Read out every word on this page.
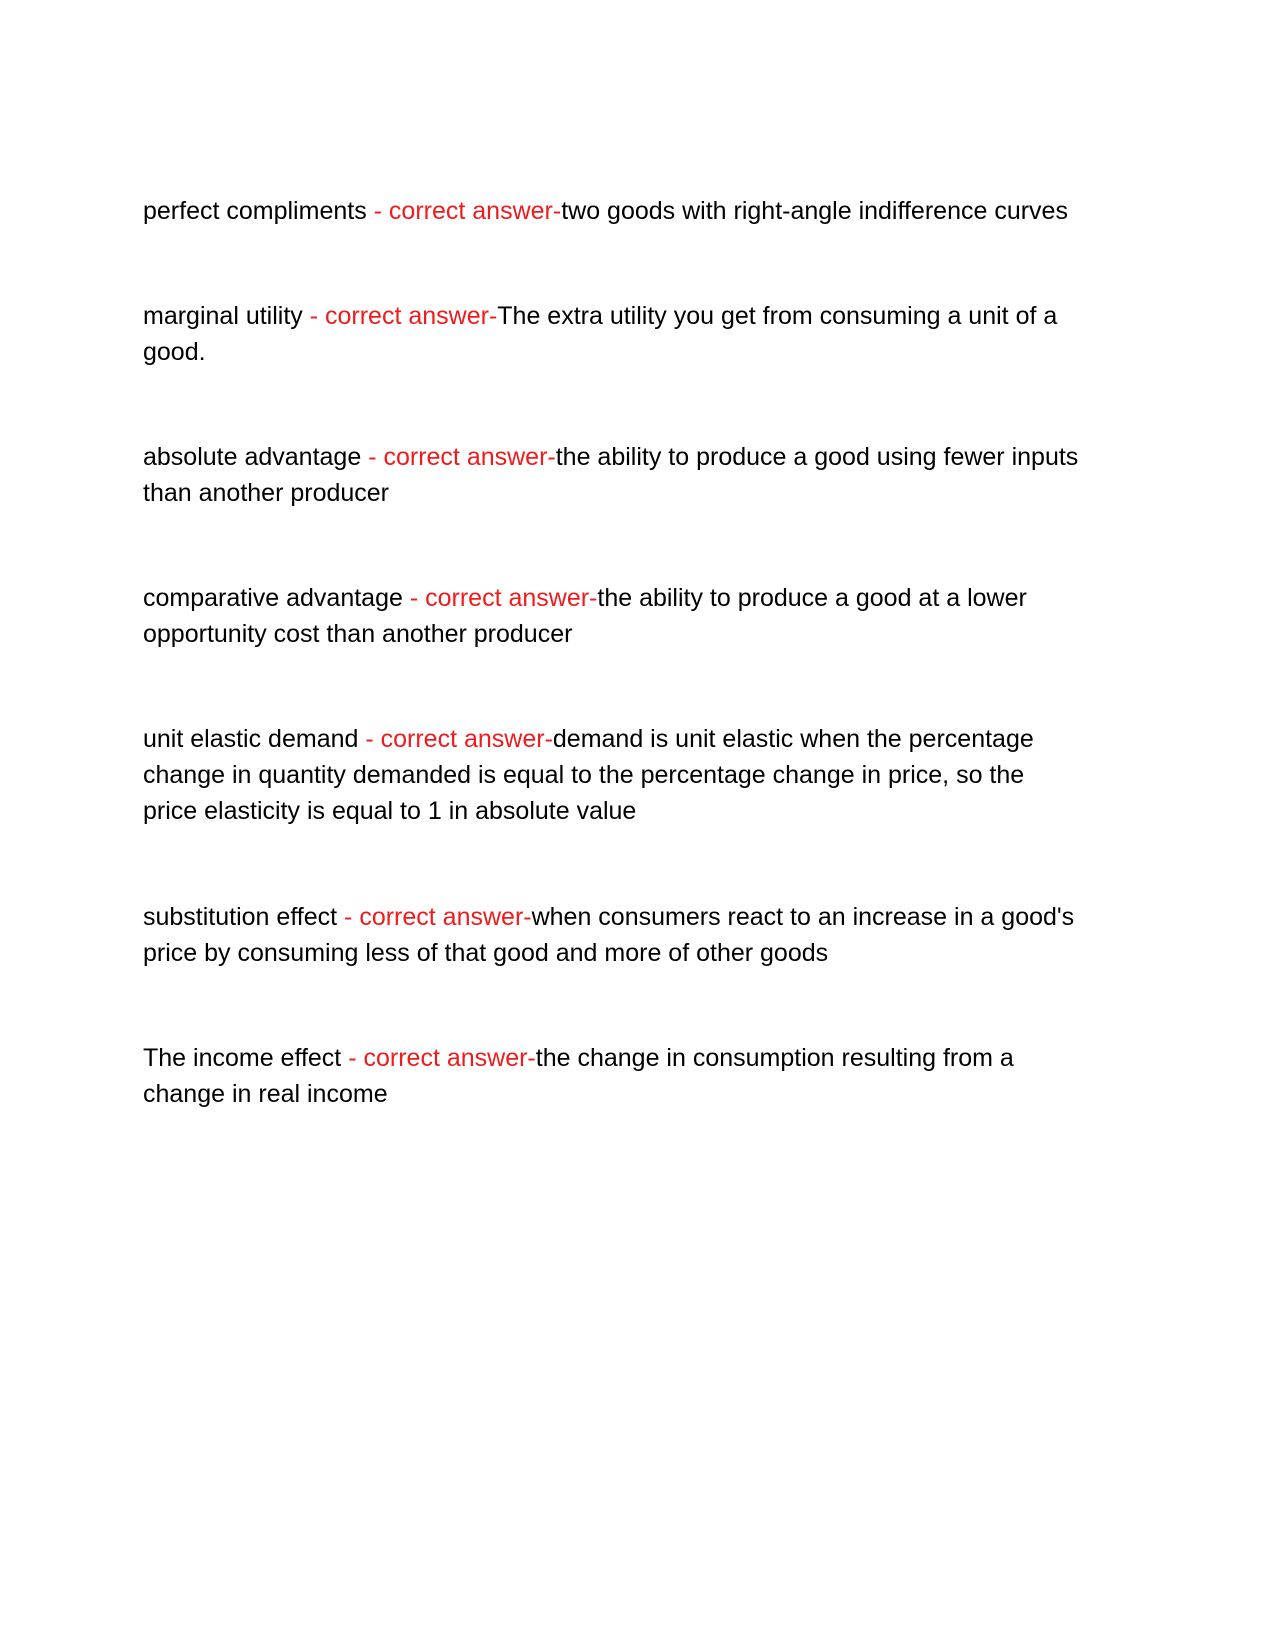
perfect compliments - correct answer-two goods with right-angle indifference curves

marginal utility - correct answer-The extra utility you get from consuming a unit of a good.

absolute advantage - correct answer-the ability to produce a good using fewer inputs than another producer

comparative advantage - correct answer-the ability to produce a good at a lower opportunity cost than another producer

unit elastic demand - correct answer-demand is unit elastic when the percentage change in quantity demanded is equal to the percentage change in price, so the price elasticity is equal to 1 in absolute value

substitution effect - correct answer-when consumers react to an increase in a good's price by consuming less of that good and more of other goods

The income effect - correct answer-the change in consumption resulting from a change in real income
